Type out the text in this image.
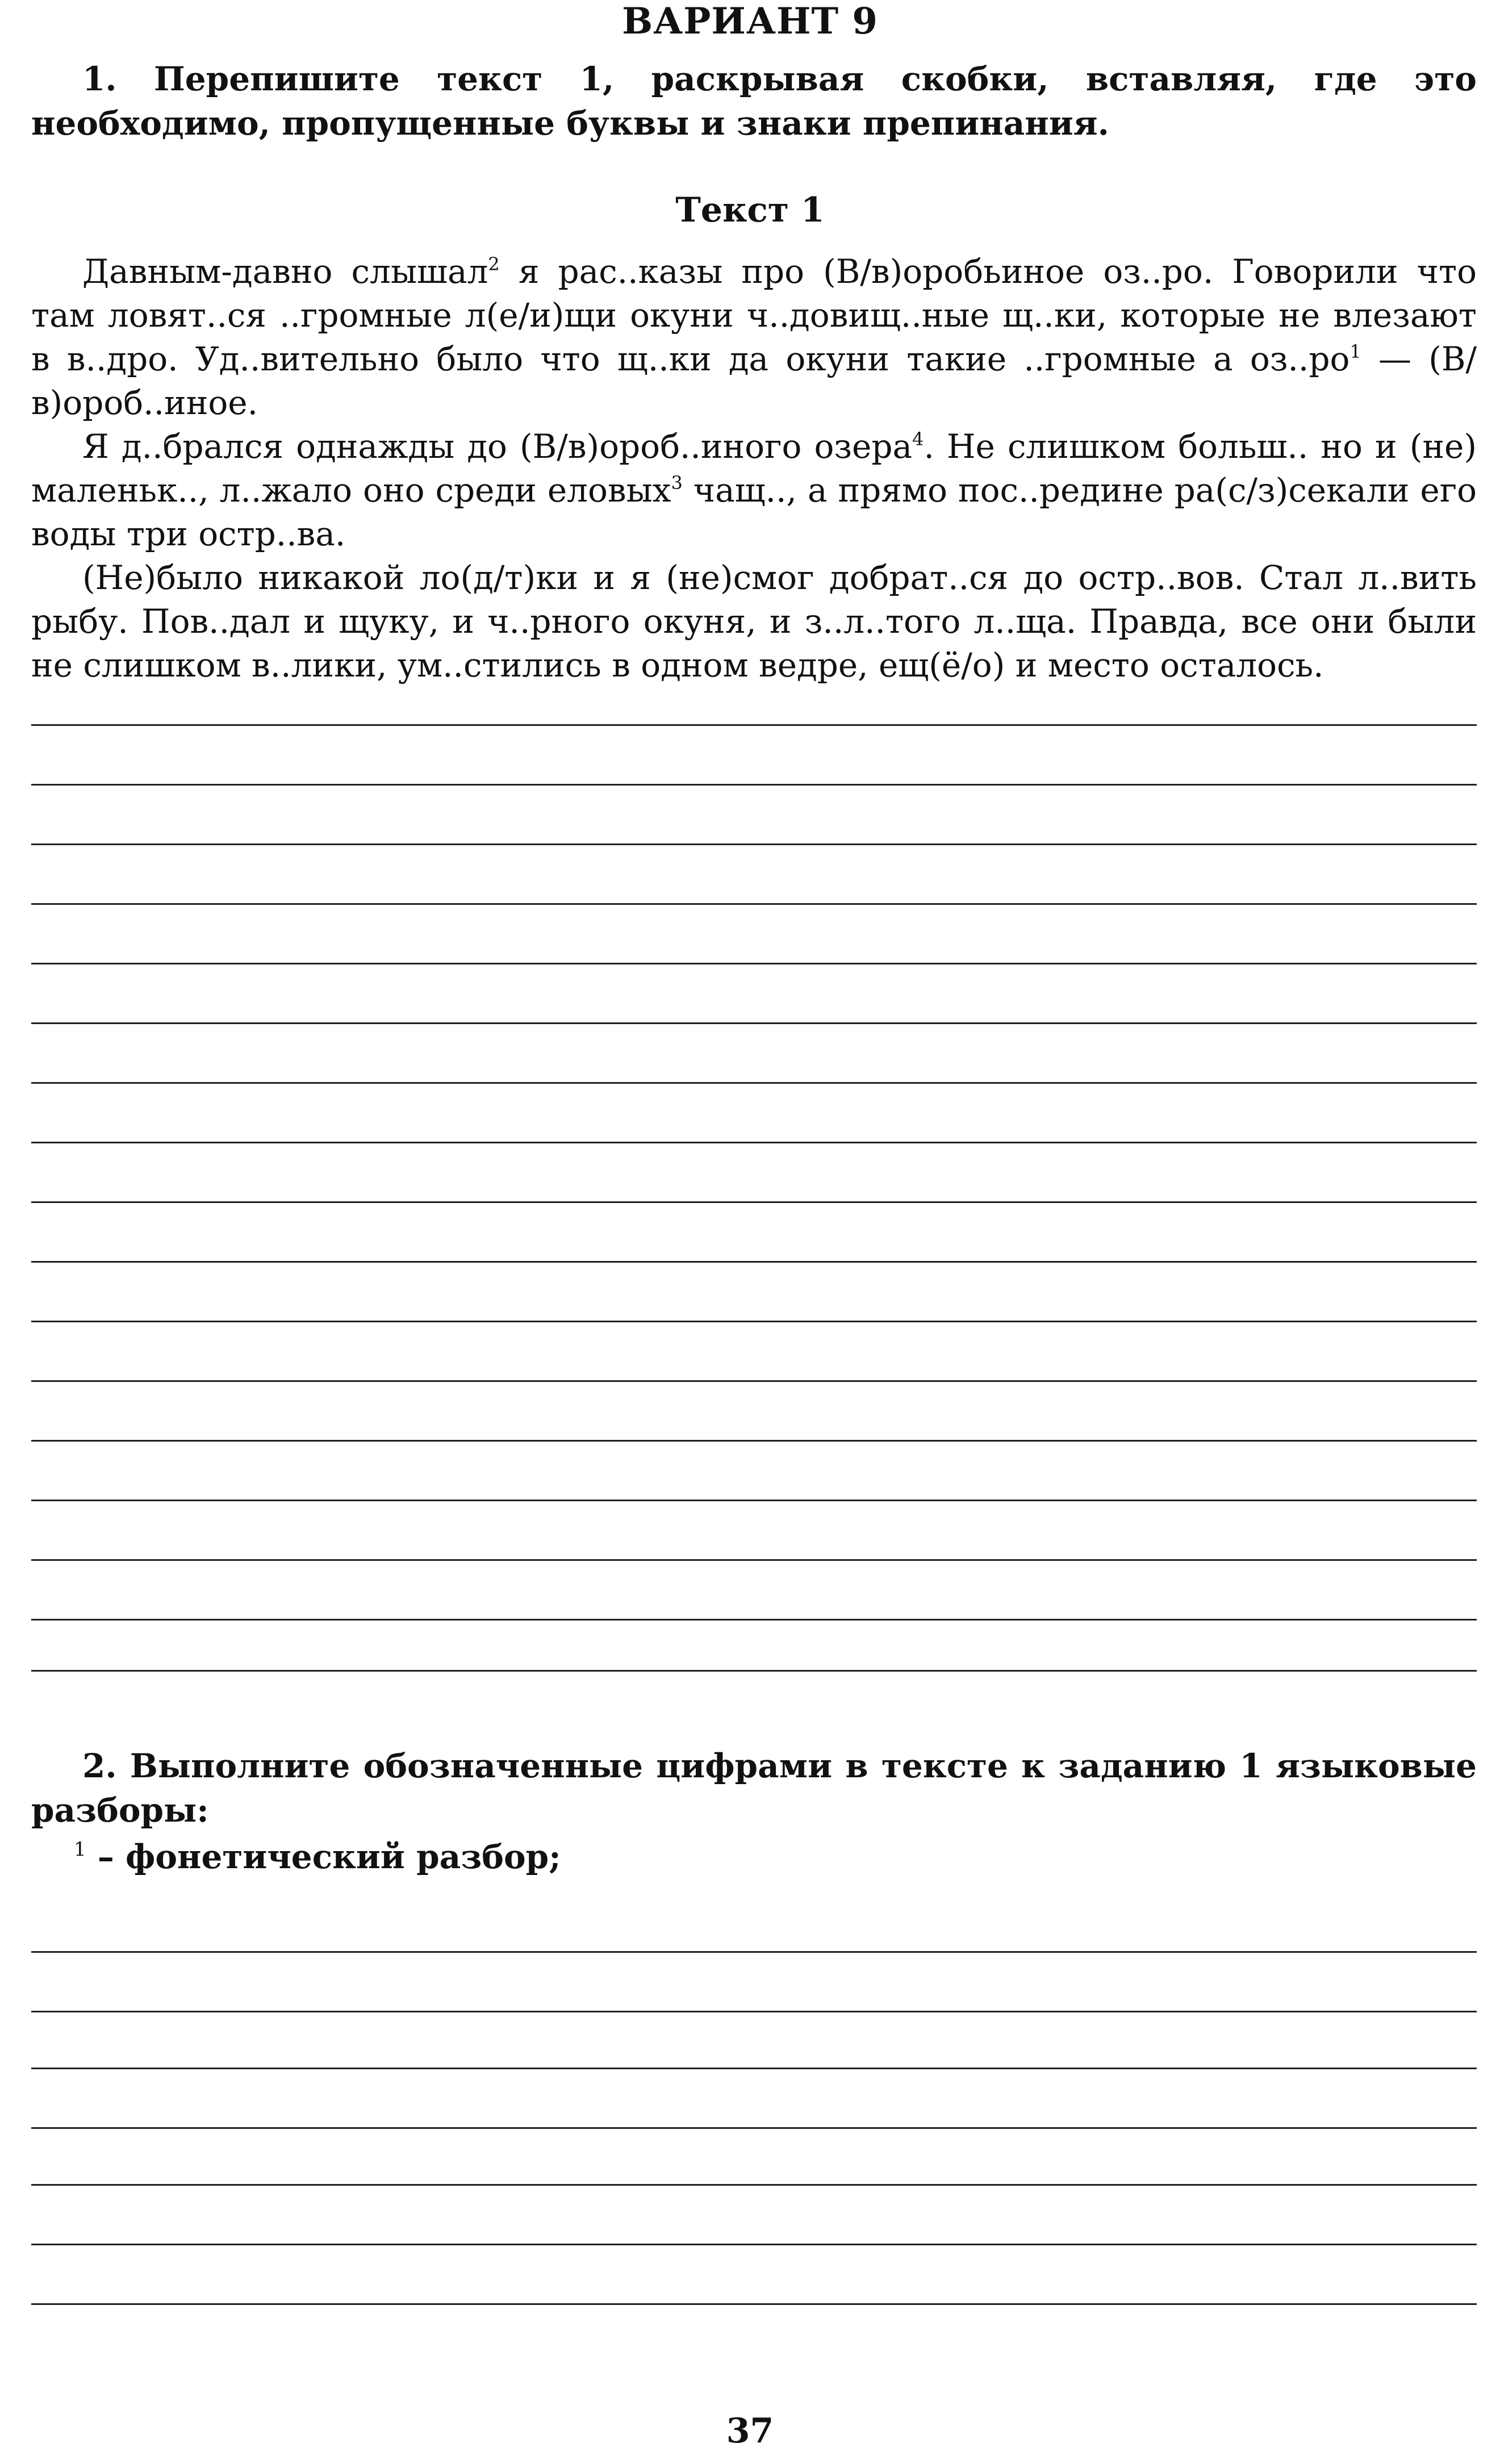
ВАРИАНТ 9
1. Перепишите текст 1, раскрывая скобки, вставляя, где это необходимо, пропущенные буквы и знаки препинания.
Текст 1

Давным-давно слышал$^2$ я рас..казы про (В/в)оробьиное оз..ро. Говорили что там ловят..ся ..громные л(е/и)щи окуни ч..довищ..ные щ..ки, которые не влезают в в..дро. Уд..вительно было что щ..ки да окуни такие ..громные а $оз..ро^1$ — (В/в)ороб..иное.

Я д..брался однажды до (В/в)ороб..иного озера$^4$. Не слишком больш.. но и (не) маленьк.., л..жало оно среди еловых$^3$ чащ.., а прямо пос..редине ра(с/з)секали его воды три остр..ва.

(Не)было никакой ло(д/т)ки и я (не)смог добрат..ся до остр..вов. Стал л..вить рыбу. Пов..дал и щуку, и ч..рного окуня, и з..л..того л..ща. Правда, все они были не слишком в..лики, ум..стились в одном ведре, ещ(ё/о) и место осталось.

2. Выполните обозначенные цифрами в тексте к заданию 1 языковые разборы:
$^1$ – фонетический разбор;
37
